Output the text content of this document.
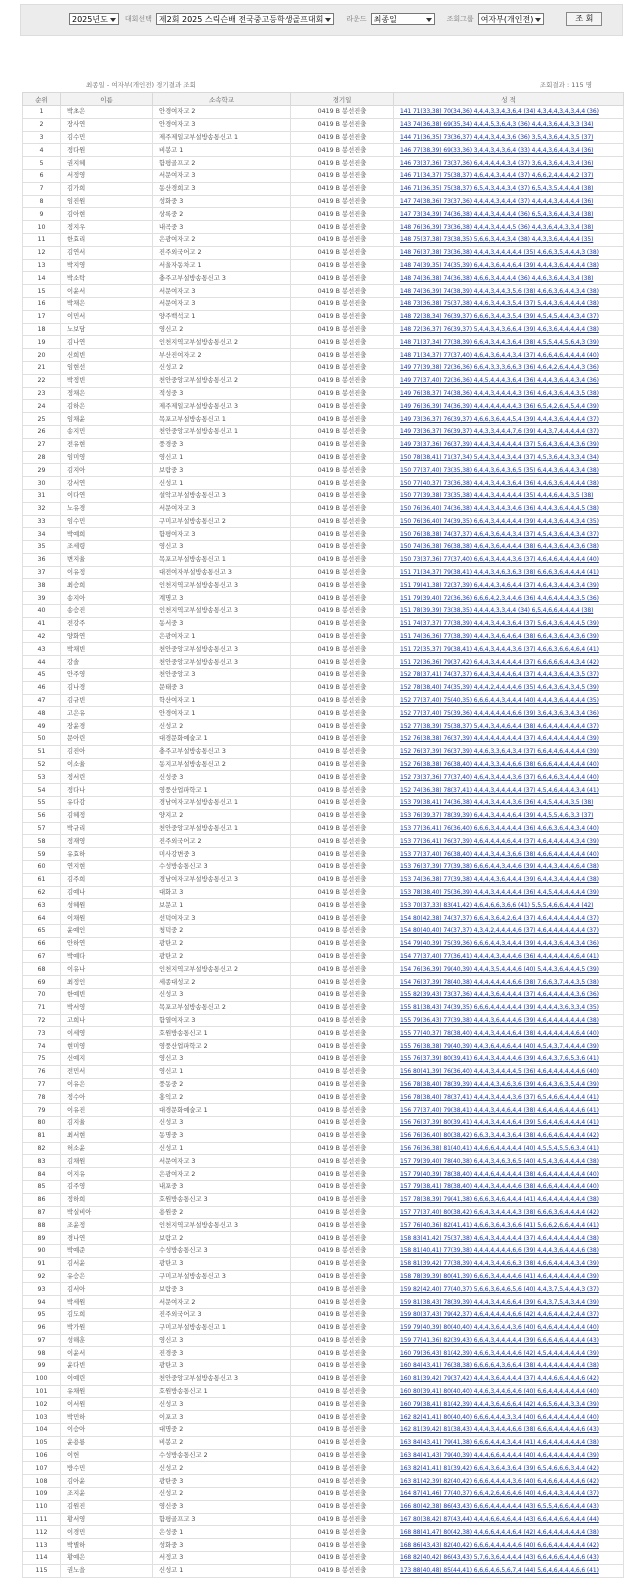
2025년도	대회선택 제2회 2025 스릭슨배 전국중고등학생골프대회	라운드 최종일	조회그룹 여자부(개인전)	조 회
최종일 - 여자부(개인전) 경기결과 조회	조회결과 : 115 명
순위	이름	소속학교	경기일	성 적
1	박초은	안경여자고 2	0419 B 봉선진출	141 71(33,38) 70(34,36) 4,4,4,3,3,4,3,6,4 (34) 4,3,4,4,3,4,3,4,4 (36)
2	장사연	안경여자고 3	0419 B 봉선진출	143 74(36,38) 69(35,34) 4,4,4,5,3,6,4,3 (36) 4,4,4,3,6,4,4,3,3 (34)
3	김수민	제주제일고부설방송통신고 1	0419 B 봉선진출	144 71(36,35) 73(36,37) 4,4,4,3,4,4,3,6 (36) 3,5,4,3,6,4,4,3,5 (37)
4	정다원	비봉고 1	0419 B 봉선진출	146 77(38,39) 69(33,36) 3,4,4,3,4,3,6,4 (33) 4,4,4,3,6,4,4,3,4 (36)
5	권지혜	함평골프고 2	0419 B 봉선진출	146 73(37,36) 73(37,36) 6,4,4,4,4,4,3,4 (37) 3,6,4,3,6,4,4,3,4 (36)
6	서정영	서문여자고 3	0419 B 봉선진출	146 71(34,37) 75(38,37) 4,6,4,4,3,4,4,4 (37) 4,6,6,2,4,4,4,4,2 (37)
7	김가희	동산경희고 3	0419 B 봉선진출	146 71(36,35) 75(38,37) 6,5,4,3,4,4,3,4 (37) 6,5,4,3,5,4,4,4,4 (38)
8	임진원	성화중 3	0419 B 봉선진출	147 74(38,36) 73(37,36) 4,4,4,4,3,4,4,4 (37) 4,4,4,4,3,4,4,4,4 (36)
9	김아현	상록중 2	0419 B 봉선진출	147 73(34,39) 74(36,38) 4,4,4,3,4,4,4,4 (36) 6,5,4,3,6,4,4,3,4 (38)
10	정지우	내곡중 3	0419 B 봉선진출	148 76(36,39) 73(36,38) 4,4,4,3,4,4,4,5 (36) 4,4,3,6,4,4,3,3,4 (38)
11	한효리	은광여자고 2	0419 B 봉선진출	148 75(37,38) 73(38,35) 5,6,6,3,4,4,3,4 (38) 4,4,3,3,6,4,4,4,4 (35)
12	김연서	진주외국어고 2	0419 B 봉선진출	148 76(37,38) 73(36,38) 4,4,4,3,4,4,4,4,4 (35) 4,6,6,3,5,4,4,4,3 (38)
13	박지영	서울자동차고 1	0419 B 봉선진출	148 74(39,35) 74(35,39) 6,4,4,3,6,4,4,6,4 (39) 4,4,4,3,6,4,4,4,4 (38)
14	박소탁	충주고부설방송통신고 3	0419 B 봉선진출	148 74(36,38) 74(36,38) 4,6,6,3,4,4,4,4 (36) 4,4,6,3,6,4,4,3,4 (38)
15	이윤서	서문여자고 3	0419 B 봉선진출	148 74(36,39) 74(38,39) 4,4,4,3,4,4,3,5,6 (38) 4,6,6,3,6,4,4,3,4 (38)
16	박채은	서문여자고 3	0419 B 봉선진출	148 73(36,38) 75(37,38) 4,4,6,3,4,4,3,5,4 (37) 5,4,4,3,6,4,4,4,4 (38)
17	이민서	양주백석고 1	0419 B 봉선진출	148 72(38,34) 76(39,37) 6,6,6,3,4,4,3,5,4 (39) 4,5,4,5,4,4,4,3,4 (37)
18	노보담	영신고 2	0419 B 봉선진출	148 72(36,37) 76(39,37) 5,4,4,3,4,3,6,6,4 (39) 4,6,3,6,4,4,4,4,4 (38)
19	김나연	인천지역고부설방송통신고 2	0419 B 봉선진출	148 71(37,34) 77(38,39) 6,6,4,3,4,4,3,6,4 (38) 4,5,5,4,4,5,6,4,3 (39)
20	신희빈	부산진여자고 2	0419 B 봉선진출	148 71(34,37) 77(37,40) 4,6,4,3,6,4,4,3,4 (37) 4,6,6,4,6,4,4,4,4 (40)
21	임현선	신성고 2	0419 B 봉선진출	149 77(39,38) 72(36,36) 6,6,4,3,3,3,6,6,3 (36) 4,6,4,2,6,4,4,4,3 (36)
22	박정빈	천안중앙고부설방송통신고 2	0419 B 봉선진출	149 77(37,40) 72(36,36) 4,4,5,4,4,4,3,6,4 (36) 4,4,4,3,6,4,4,3,4 (36)
23	정채은	적성중 3	0419 B 봉선진출	149 76(38,37) 74(38,36) 4,4,4,3,4,4,4,4,3 (36) 4,6,4,3,6,4,4,3,5 (38)
24	김하은	제주제일고부설방송통신고 3	0419 B 봉선진출	149 76(36,39) 74(36,39) 4,4,4,4,4,4,4,4,3 (36) 6,5,4,2,6,4,5,4,4 (39)
25	임채윤	목포고부설방송통신고 1	0419 B 봉선진출	149 73(36,37) 76(39,37) 4,6,6,3,6,4,4,5,4 (39) 4,4,4,3,6,4,4,4,4 (37)
26	송지민	천안중앙고부설방송통신고 1	0419 B 봉선진출	149 73(36,37) 76(39,37) 4,4,3,3,4,4,4,7,6 (39) 4,4,3,7,4,4,4,4,4 (37)
27	전유현	풍경중 3	0419 B 봉선진출	149 73(37,36) 76(37,39) 4,4,4,3,4,4,4,4,4 (37) 5,6,4,3,6,4,4,3,6 (39)
28	임미영	영신고 1	0419 B 봉선진출	150 78(38,41) 71(37,34) 5,4,4,3,4,4,3,4,4 (37) 4,5,3,6,4,4,3,3,4 (34)
29	김지아	보람중 3	0419 B 봉선진출	150 77(37,40) 73(35,38) 6,4,4,3,6,4,3,6,5 (35) 6,4,4,3,6,4,4,3,4 (38)
30	강서연	신성고 1	0419 B 봉선진출	150 77(40,37) 73(36,38) 4,4,4,3,4,4,3,6,4 (36) 4,4,6,3,6,4,4,4,4 (38)
31	이다연	설악고부설방송통신고 3	0419 B 봉선진출	150 77(39,38) 73(35,38) 4,4,4,3,4,4,4,4,4 (35) 4,4,4,6,4,4,3,5 (38)
32	노유경	서문여자고 3	0419 B 봉선진출	150 76(36,40) 74(36,38) 4,4,4,3,4,4,3,4,6 (36) 4,4,4,3,6,4,4,4,5 (38)
33	임수민	구미고부설방송통신고 2	0419 B 봉선진출	150 76(36,40) 74(39,35) 6,6,4,3,4,4,4,4,4 (39) 4,4,4,3,6,4,4,3,4 (35)
34	박예희	함평여자고 3	0419 B 봉선진출	150 76(38,38) 74(37,37) 4,6,4,3,6,4,4,3,4 (37) 4,5,4,3,6,4,4,3,4 (37)
35	조세령	영신고 3	0419 B 봉선진출	150 74(36,38) 76(38,38) 4,6,4,3,6,4,4,4,4 (38) 6,4,4,3,6,4,4,3,6 (38)
36	변지율	목포고부설방송통신고 1	0419 B 봉선진출	150 73(37,36) 77(37,40) 6,6,4,3,4,4,4,3,6 (37) 4,6,4,6,4,4,4,4,4 (40)
37	이유정	대전여자부설방송통신고 3	0419 B 봉선진출	151 71(34,37) 79(38,41) 4,4,4,3,4,6,3,6,3 (38) 6,6,6,3,6,4,4,4,4 (41)
38	최승희	인천지역고부설방송통신고 3	0419 B 봉선진출	151 79(41,38) 72(37,39) 6,4,4,4,3,4,6,4,4 (37) 4,6,4,3,4,4,4,3,4 (39)
39	송지아	계명고 3	0419 B 봉선진출	151 79(39,40) 72(36,36) 6,6,6,4,2,3,4,4,6 (36) 4,4,6,4,4,4,4,3,5 (36)
40	송승진	인천지역고부설방송통신고 3	0419 B 봉선진출	151 78(39,39) 73(38,35) 4,4,4,4,3,3,4,4 (34) 6,5,4,6,6,4,4,4,4 (38)
41	전강주	동서중 3	0419 B 봉선진출	151 74(37,37) 77(38,39) 4,4,4,3,4,4,3,6,4 (37) 5,6,4,3,6,4,4,4,5 (39)
42	양화연	은광여자고 1	0419 B 봉선진출	151 74(36,36) 77(38,39) 4,4,4,3,4,6,4,6,4 (38) 6,6,4,3,6,4,4,3,6 (39)
43	박채빈	천안중앙고부설방송통신고 3	0419 B 봉선진출	151 72(35,37) 79(38,41) 4,6,4,3,4,4,4,3,6 (37) 4,6,6,3,6,6,4,6,4 (41)
44	강솔	천안중앙고부설방송통신고 3	0419 B 봉선진출	151 72(36,36) 79(37,42) 6,4,4,3,4,4,4,4,4 (37) 6,6,6,6,6,4,4,3,4 (42)
45	안주영	천안중앙고 3	0419 B 봉선진출	152 78(37,41) 74(37,37) 6,4,4,3,4,4,4,6,4 (37) 4,4,4,3,6,4,4,3,5 (37)
46	김나경	문태중 3	0419 B 봉선진출	152 78(38,40) 74(35,39) 4,4,4,2,4,4,4,4,6 (35) 4,6,4,3,6,4,3,4,5 (39)
47	김규빈	학산여자고 1	0419 B 봉선진출	152 77(37,40) 75(40,35) 6,6,6,4,4,3,4,4,4 (40) 4,4,4,3,6,4,4,4,4 (35)
48	고은유	안경여자고 1	0419 B 봉선진출	152 77(37,40) 75(39,36) 4,4,4,4,4,4,4,6,6 (39) 3,6,4,3,6,3,4,3,4 (36)
49	장윤경	신성고 2	0419 B 봉선진출	152 77(38,39) 75(38,37) 5,4,4,3,4,4,6,4,4 (38) 4,6,4,4,4,4,4,4,4 (37)
50	문아린	대경문화예술고 1	0419 B 봉선진출	152 76(38,38) 76(37,39) 4,4,4,4,4,4,4,4,4 (37) 4,6,4,4,4,4,4,4,4 (39)
51	김진아	충주고부설방송통신고 3	0419 B 봉선진출	152 76(37,39) 76(37,39) 4,4,6,3,3,6,4,3,4 (37) 6,6,4,4,6,4,4,4,4 (39)
52	이소율	동지고부설방송통신고 2	0419 B 봉선진출	152 76(38,38) 76(38,40) 4,4,4,3,3,4,4,6,6 (38) 6,6,6,4,4,4,4,4,4 (40)
53	정서린	신성중 3	0419 B 봉선진출	152 73(37,36) 77(37,40) 4,6,4,3,4,4,4,3,6 (37) 6,6,4,6,3,4,4,4,4 (40)
54	정다나	영풍산업파학고 1	0419 B 봉선진출	152 74(36,38) 78(37,41) 4,4,4,3,4,4,4,4,4 (37) 4,5,4,6,4,4,4,3,4 (41)
55	유다감	경남여자고부설방송통신고 1	0419 B 봉선진출	153 79(38,41) 74(36,38) 4,4,4,3,4,4,4,3,6 (36) 4,4,5,4,4,4,3,5 (38)
56	김혜정	양지고 2	0419 B 봉선진출	153 76(39,37) 78(39,39) 6,4,4,3,4,4,4,6,4 (39) 4,4,5,5,4,6,3,3 (37)
57	박규리	천안중앙고부설방송통신고 1	0419 B 봉선진출	153 77(36,41) 76(36,40) 6,6,6,3,4,4,4,4,4 (36) 4,6,6,3,6,4,4,3,4 (40)
58	정재영	진주외국어고 2	0419 B 봉선진출	153 77(36,41) 76(37,39) 4,6,4,4,4,4,6,4,4 (37) 4,6,4,4,4,4,4,3,4 (39)
59	유효하	미사강변중 3	0419 B 봉선진출	153 77(37,40) 76(38,40) 4,4,4,3,4,4,3,6,6 (38) 4,6,6,4,4,4,4,4,4 (40)
60	연지현	수성방송통신고 3	0419 B 봉선진출	153 76(37,39) 77(39,38) 6,6,6,4,4,3,4,4,6 (39) 4,4,4,3,4,4,4,6,4 (38)
61	김주희	경남여자고부설방송통신고 3	0419 B 봉선진출	153 74(36,38) 77(39,38) 4,4,4,4,3,6,4,4,4 (39) 6,4,4,3,4,4,4,4,4 (38)
62	김예나	대화고 3	0419 B 봉선진출	153 78(38,40) 75(36,39) 4,4,4,3,4,4,4,4,4 (36) 4,4,5,4,4,4,4,4,4 (39)
63	성혜원	보문고 1	0419 B 봉선진출	153 70(37,33) 83(41,42) 4,6,4,6,6,3,6,6 (41) 5,5,5,4,6,6,4,4,4 (42)
64	이채원	선덕여자고 3	0419 B 봉선진출	154 80(42,38) 74(37,37) 6,6,4,3,6,4,2,6,4 (37) 4,6,4,4,4,4,4,4,4 (37)
65	윤예인	청덕중 2	0419 B 봉선진출	154 80(40,40) 74(37,37) 4,3,4,2,4,4,4,4,6 (37) 4,6,4,4,4,4,4,4,4 (37)
66	안하연	광탄고 2	0419 B 봉선진출	154 79(40,39) 75(39,36) 6,6,6,4,4,3,4,4,4 (39) 4,4,4,3,6,4,4,3,4 (36)
67	박예다	광탄고 2	0419 B 봉선진출	154 77(37,40) 77(36,41) 4,4,4,4,3,4,4,4,6 (36) 4,4,4,4,4,4,4,6,4 (41)
68	이유나	인천지역고부설방송통신고 2	0419 B 봉선진출	154 76(36,39) 79(40,39) 4,4,4,3,5,4,4,4,6 (40) 5,4,4,3,6,4,4,4,5 (39)
69	최정인	세종대성고 2	0419 B 봉선진출	154 76(37,39) 78(40,38) 4,4,4,4,4,4,4,6,6 (38) 7,6,6,3,7,4,4,3,5 (38)
70	한예빈	신성고 3	0419 B 봉선진출	155 82(39,43) 73(37,36) 4,4,4,3,6,4,4,4,4 (37) 4,6,4,4,4,4,4,3,6 (36)
71	박서영	목포고부설방송통신고 2	0419 B 봉선진출	155 81(38,43) 74(39,35) 6,6,6,4,4,4,4,4,4 (39) 4,4,4,4,3,6,3,3,4 (35)
72	고희나	함열여자고 3	0419 B 봉선진출	155 79(36,43) 77(39,38) 4,4,4,3,6,4,4,4,6 (39) 4,6,4,4,4,4,4,4,4 (38)
73	이세영	호원방송통신고 1	0419 B 봉선진출	155 77(40,37) 78(38,40) 4,4,4,3,4,4,4,6,4 (38) 4,4,4,4,4,4,4,6,4 (40)
74	현미영	영풍산업파학고 2	0419 B 봉선진출	155 76(38,38) 79(40,39) 4,4,3,6,4,4,6,4,4 (40) 4,5,4,3,7,4,4,4,4 (39)
75	신예지	영신고 3	0419 B 봉선진출	155 76(37,39) 80(39,41) 6,4,4,3,4,4,4,4,6 (39) 4,6,4,3,7,6,5,3,6 (41)
76	전민서	영신고 1	0419 B 봉선진출	156 80(41,39) 76(36,40) 4,4,4,3,4,4,4,4,5 (36) 4,6,4,4,4,4,4,4,6 (40)
77	이유은	풍동중 2	0419 B 봉선진출	156 78(38,40) 78(39,39) 4,4,4,4,3,4,6,3,6 (39) 4,6,4,3,6,3,5,4,4 (39)
78	정수아	홍익고 2	0419 B 봉선진출	156 78(38,40) 78(37,41) 4,4,4,3,4,4,4,3,6 (37) 6,5,4,6,6,4,4,4,4 (41)
79	이유진	대경문화예술고 1	0419 B 봉선진출	156 77(37,40) 79(38,41) 4,4,4,3,4,4,6,4,4 (38) 4,6,4,4,6,4,4,4,6 (41)
80	김지율	신성고 3	0419 B 봉선진출	156 76(37,39) 80(39,41) 4,4,4,3,4,4,4,6,4 (39) 5,6,4,4,6,4,4,4,4 (41)
81	최서현	동명중 3	0419 B 봉선진출	156 76(36,40) 80(38,42) 6,6,3,3,4,4,3,6,4 (38) 4,6,6,4,6,4,4,4,4 (42)
82	허소윤	신성고 1	0419 B 봉선진출	156 76(36,38) 81(40,41) 4,4,6,6,4,4,4,4,4 (40) 4,5,5,4,5,5,6,3,4 (41)
83	김채원	서문여자고 3	0419 B 봉선진출	157 79(39,40) 78(40,38) 6,4,4,3,4,6,3,6,5 (40) 4,5,4,3,6,4,4,4,4 (38)
84	이지유	은광여자고 2	0419 B 봉선진출	157 79(40,39) 78(38,40) 4,4,4,6,4,4,4,4,4 (38) 4,6,4,4,4,4,4,4,4 (40)
85	김주영	내포중 3	0419 B 봉선진출	157 79(38,41) 78(38,40) 4,4,4,3,4,4,4,4,6 (38) 4,6,6,4,4,4,4,4,4 (40)
86	정하희	호원방송통신고 3	0419 B 봉선진출	157 78(38,39) 79(41,38) 6,6,6,3,4,6,4,4,4 (41) 4,6,4,4,4,4,4,4,4 (38)
87	박실비아	용원중 2	0419 B 봉선진출	157 77(37,40) 80(38,42) 6,6,4,3,4,4,4,4,3 (38) 6,6,6,3,6,4,4,4,4 (42)
88	조윤정	인천지역고부설방송통신고 3	0419 B 봉선진출	157 76(40,36) 82(41,41) 4,6,6,3,6,4,3,6,6 (41) 5,6,6,2,6,6,4,4,4 (41)
89	경나연	보람고 2	0419 B 봉선진출	158 83(41,42) 75(37,38) 4,6,4,3,4,4,4,4,4 (37) 4,6,4,4,4,4,4,4,4 (38)
90	박예준	수성방송통신고 3	0419 B 봉선진출	158 81(40,41) 77(39,38) 4,4,4,4,4,4,4,6,6 (39) 4,4,4,3,6,4,4,4,6 (38)
91	김서윤	광탄고 3	0419 B 봉선진출	158 81(39,42) 77(38,39) 4,4,4,3,4,4,6,6,3 (38) 4,6,6,4,4,4,4,3,4 (39)
92	유승은	구미고부설방송통신고 3	0419 B 봉선진출	158 78(39,39) 80(41,39) 6,6,6,3,4,4,4,4,6 (41) 4,6,4,4,4,4,4,4,4 (39)
93	김서아	보람중 3	0419 B 봉선진출	159 82(42,40) 77(40,37) 5,6,6,3,6,4,6,5,6 (40) 4,4,3,7,5,4,4,4,3 (37)
94	박세원	서문여자고 2	0419 B 봉선진출	159 81(38,43) 78(39,39) 4,4,4,3,4,4,6,6,4 (39) 6,4,3,7,5,4,3,4,4 (39)
95	김도희	진주외국어고 3	0419 B 봉선진출	159 80(37,43) 79(42,37) 4,6,4,4,4,4,4,6,6 (42) 4,4,6,4,4,4,2,4,4 (37)
96	박가원	구미고부설방송통신고 1	0419 B 봉선진출	159 79(40,39) 80(40,40) 4,4,4,3,6,4,4,3,6 (40) 6,4,6,4,4,4,4,4,4 (40)
97	성해훈	영신고 3	0419 B 봉선진출	159 77(41,36) 82(39,43) 6,6,4,3,4,4,4,4,4 (39) 6,6,6,4,6,4,4,4,4 (43)
98	이윤서	진경중 3	0419 B 봉선진출	160 79(36,43) 81(42,39) 4,6,6,3,4,4,4,4,6 (42) 4,5,4,4,4,4,4,4,4 (39)
99	윤다빈	광탄고 3	0419 B 봉선진출	160 84(43,41) 76(38,38) 6,6,6,6,4,3,6,6,4 (38) 4,4,4,4,4,4,4,4,4 (38)
100	이예린	천안중앙고부설방송통신고 3	0419 B 봉선진출	160 81(39,42) 79(37,42) 4,4,4,3,6,4,4,4,4 (37) 4,4,4,6,6,4,4,4,6 (42)
101	유채원	호원방송통신고 1	0419 B 봉선진출	160 80(39,41) 80(40,40) 4,4,6,3,4,4,6,4,6 (40) 6,6,4,4,4,4,4,4,4 (40)
102	이서원	신성고 3	0419 B 봉선진출	160 79(38,41) 81(42,39) 4,4,4,3,6,4,6,6,4 (42) 4,6,5,6,4,4,3,3,4 (39)
103	박민하	이포고 3	0419 B 봉선진출	162 82(41,41) 80(40,40) 6,6,6,4,4,4,3,3,4 (40) 6,6,4,4,4,4,4,4,4 (40)
104	이승아	대명중 2	0419 B 봉선진출	162 81(39,42) 81(38,43) 4,4,4,3,4,4,4,6,6 (38) 6,6,6,4,4,4,4,4,6 (43)
105	윤용룡	비봉고 2	0419 B 봉선진출	163 84(43,41) 79(41,38) 6,6,6,4,4,4,3,4,4 (41) 4,6,4,4,4,4,4,4,4 (38)
106	이헌	수성방송통신고 2	0419 B 봉선진출	163 84(41,43) 79(40,39) 4,4,4,6,6,4,4,4,4 (40) 4,6,4,4,4,4,4,4,4 (39)
107	방수민	신성고 2	0419 B 봉선진출	163 82(41,41) 81(39,42) 6,6,4,3,6,4,3,6,4 (39) 6,5,4,6,6,6,3,4,4 (42)
108	김아윤	광탄중 3	0419 B 봉선진출	163 81(42,39) 82(40,42) 6,6,6,4,4,4,4,3,6 (40) 6,4,6,6,4,4,4,4,6 (42)
109	조지윤	신성고 2	0419 B 봉선진출	164 87(41,46) 77(40,37) 6,6,4,2,6,4,6,4,6 (40) 4,6,4,4,3,4,4,4,4 (37)
110	김원진	영신중 3	0419 B 봉선진출	166 80(42,38) 86(43,43) 6,6,6,4,4,4,4,4,4 (43) 6,5,5,4,6,6,4,4,4 (43)
111	황서영	함평골프고 3	0419 B 봉선진출	167 80(38,42) 87(43,44) 4,4,4,6,6,4,6,4,4 (43) 6,6,4,4,6,6,4,4,4 (44)
112	이경민	은성중 1	0419 B 봉선진출	168 88(41,47) 80(42,38) 4,4,6,6,4,4,4,6,4 (42) 4,6,4,4,4,4,4,4,4 (38)
113	박별하	성화중 3	0419 B 봉선진출	168 86(43,43) 82(40,42) 6,6,6,4,4,4,4,4,6 (40) 6,6,6,4,4,4,4,4,4 (42)
114	황예은	서정고 3	0419 B 봉선진출	168 82(40,42) 86(43,43) 5,7,6,3,6,4,4,4,4 (43) 6,6,4,6,6,4,4,4,6 (43)
115	권노을	신성고 1	0419 B 봉선진출	173 88(40,48) 85(44,41) 6,6,6,4,6,5,6,7,4 (44) 5,6,4,6,4,4,4,6,6 (41)
